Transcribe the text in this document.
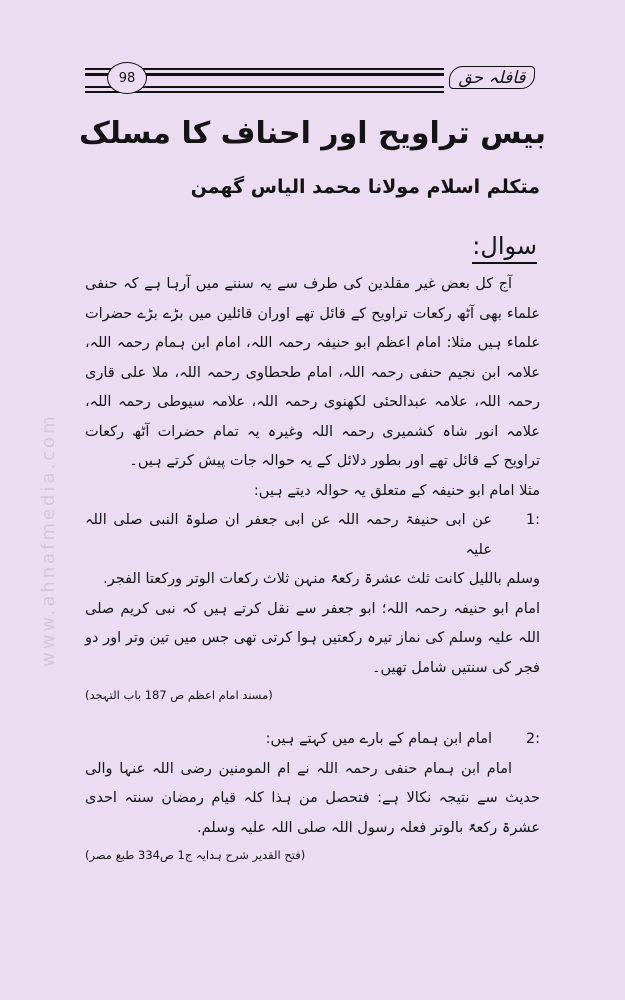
98	قافلہ حق
بیس تراویح اور احناف کا مسلک
متکلم اسلام مولانا محمد الیاس گھمن
سوال:
www.ahnafmedia.com

آج کل بعض غیر مقلدین کی طرف سے یہ سننے میں آرہا ہے کہ حنفی علماء بھی آٹھ رکعات تراویح کے قائل تھے اوران قائلین میں بڑے بڑے حضرات علماء ہیں مثلا: امام اعظم ابو حنیفہ رحمہ اللہ، امام ابن ہمام رحمہ اللہ، علامہ ابن نجیم حنفی رحمہ اللہ، امام طحطاوی رحمہ اللہ، ملا علی قاری رحمہ اللہ، علامہ عبدالحئی لکھنوی رحمہ اللہ، علامہ سیوطی رحمہ اللہ، علامہ انور شاہ کشمیری رحمہ اللہ وغیرہ یہ تمام حضرات آٹھ رکعات تراویح کے قائل تھے اور بطور دلائل کے یہ حوالہ جات پیش کرتے ہیں۔

مثلا امام ابو حنیفہ کے متعلق یہ حوالہ دیتے ہیں:

:1
عن ابی حنیفۃ رحمہ اللہ عن ابی جعفر ان صلوۃ النبی صلی اللہ علیہ

وسلم باللیل کانت ثلث عشرۃ رکعۃً منہن ثلاث رکعات الوتر ورکعتا الفجر.

امام ابو حنیفہ رحمہ اللہ؛ ابو جعفر سے نقل کرتے ہیں کہ نبی کریم صلی اللہ علیہ وسلم کی نماز تیرہ رکعتیں ہوا کرتی تھی جس میں تین وتر اور دو فجر کی سنتیں شامل تھیں۔

(مسند امام اعظم ص 187 باب التہجد)

:2
امام ابن ہمام کے بارے میں کہتے ہیں:

امام ابن ہمام حنفی رحمہ اللہ نے ام المومنین رضی اللہ عنہا والی حدیث سے نتیجہ نکالا ہے: فتحصل من ہذا کلہ قیام رمضان سنتہ احدی عشرۃ رکعۃً بالوتر فعلہ رسول اللہ صلی اللہ علیہ وسلم.

(فتح القدیر شرح ہدایہ ج1 ص334 طبع مصر)
